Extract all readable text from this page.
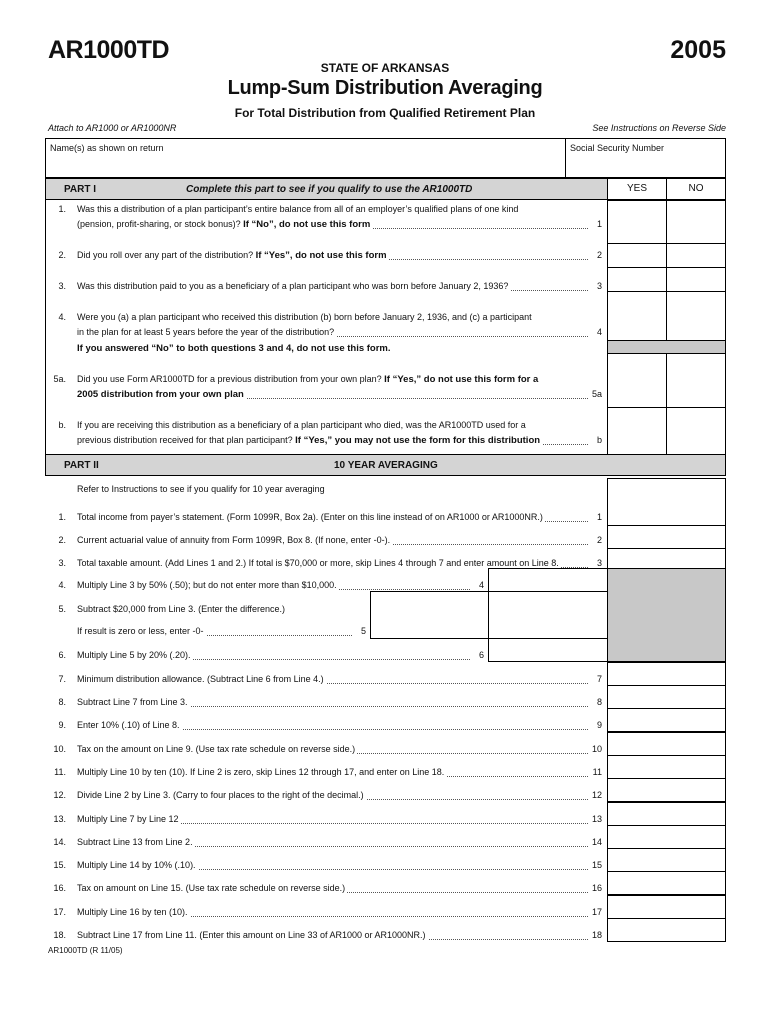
AR1000TD	2005
STATE OF ARKANSAS
Lump-Sum Distribution Averaging
For Total Distribution from Qualified Retirement Plan
Attach to AR1000 or AR1000NR	See Instructions on Reverse Side
Name(s) as shown on return	Social Security Number
PART I	Complete this part to see if you qualify to use the AR1000TD	YES	NO
1. Was this a distribution of a plan participant’s entire balance from all of an employer’s qualified plans of one kind
(pension, profit-sharing, or stock bonus)? If “No”, do not use this form	1
2. Did you roll over any part of the distribution? If “Yes”, do not use this form	2
3. Was this distribution paid to you as a beneficiary of a plan participant who was born before January 2, 1936?	3
4. Were you (a) a plan participant who received this distribution (b) born before January 2, 1936, and (c) a participant
in the plan for at least 5 years before the year of the distribution?	4
If you answered “No” to both questions 3 and 4, do not use this form.
5a. Did you use Form AR1000TD for a previous distribution from your own plan? If “Yes,” do not use this form for a
2005 distribution from your own plan	5a
b. If you are receiving this distribution as a beneficiary of a plan participant who died, was the AR1000TD used for a
previous distribution received for that plan participant? If “Yes,” you may not use the form for this distribution	b
PART II	10 YEAR AVERAGING
Refer to Instructions to see if you qualify for 10 year averaging
1. Total income from payer’s statement. (Form 1099R, Box 2a). (Enter on this line instead of on AR1000 or AR1000NR.)	1
2. Current actuarial value of annuity from Form 1099R, Box 8. (If none, enter -0-).	2
3. Total taxable amount. (Add Lines 1 and 2.) If total is $70,000 or more, skip Lines 4 through 7 and enter amount on Line 8.	3
4. Multiply Line 3 by 50% (.50); but do not enter more than $10,000.	4
5. Subtract $20,000 from Line 3. (Enter the difference.)
If result is zero or less, enter -0-	5
6. Multiply Line 5 by 20% (.20).	6
7. Minimum distribution allowance. (Subtract Line 6 from Line 4.)	7
8. Subtract Line 7 from Line 3.	8
9. Enter 10% (.10) of Line 8.	9
10. Tax on the amount on Line 9. (Use tax rate schedule on reverse side.)	10
11. Multiply Line 10 by ten (10). If Line 2 is zero, skip Lines 12 through 17, and enter on Line 18.	11
12. Divide Line 2 by Line 3. (Carry to four places to the right of the decimal.)	12
13. Multiply Line 7 by Line 12	13
14. Subtract Line 13 from Line 2.	14
15. Multiply Line 14 by 10% (.10).	15
16. Tax on amount on Line 15. (Use tax rate schedule on reverse side.)	16
17. Multiply Line 16 by ten (10).	17
18. Subtract Line 17 from Line 11. (Enter this amount on Line 33 of AR1000 or AR1000NR.)	18
AR1000TD (R 11/05)
